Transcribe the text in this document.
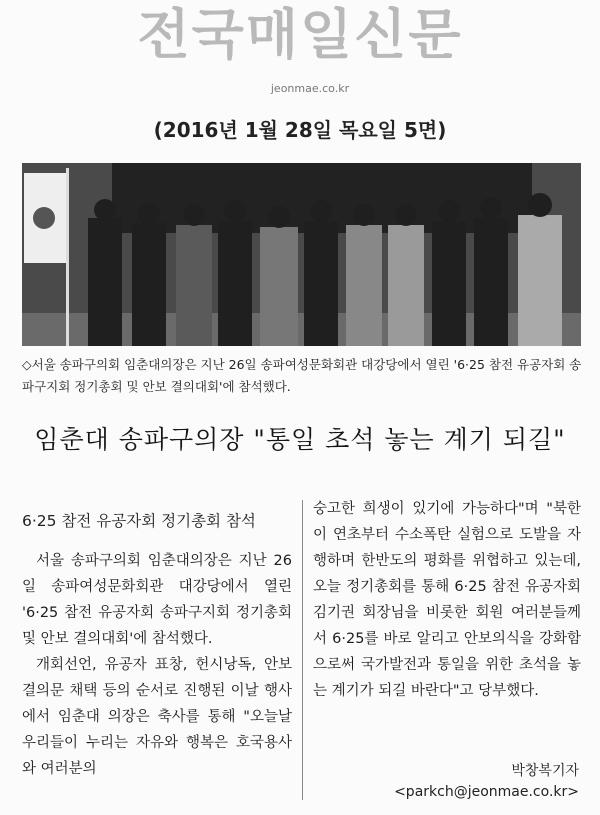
전국매일신문
jeonmae.co.kr
(2016년 1월 28일 목요일 5면)
◇서울 송파구의회 임춘대의장은 지난 26일 송파여성문화회관 대강당에서 열린 '6·25 참전 유공자회 송파구지회 정기총회 및 안보 결의대회'에 참석했다.
임춘대 송파구의장 "통일 초석 놓는 계기 되길"
6·25 참전 유공자회 정기총회 참석

서울 송파구의회 임춘대의장은 지난 26일 송파여성문화회관 대강당에서 열린 '6·25 참전 유공자회 송파구지회 정기총회 및 안보 결의대회'에 참석했다.

개회선언, 유공자 표창, 헌시낭독, 안보결의문 채택 등의 순서로 진행된 이날 행사에서 임춘대 의장은 축사를 통해 "오늘날 우리들이 누리는 자유와 행복은 호국용사와 여러분의

숭고한 희생이 있기에 가능하다"며 "북한이 연초부터 수소폭탄 실험으로 도발을 자행하며 한반도의 평화를 위협하고 있는데, 오늘 정기총회를 통해 6·25 참전 유공자회 김기권 회장님을 비롯한 회원 여러분들께서 6·25를 바로 알리고 안보의식을 강화함으로써 국가발전과 통일을 위한 초석을 놓는 계기가 되길 바란다"고 당부했다.

박창복기자
<parkch@jeonmae.co.kr>
